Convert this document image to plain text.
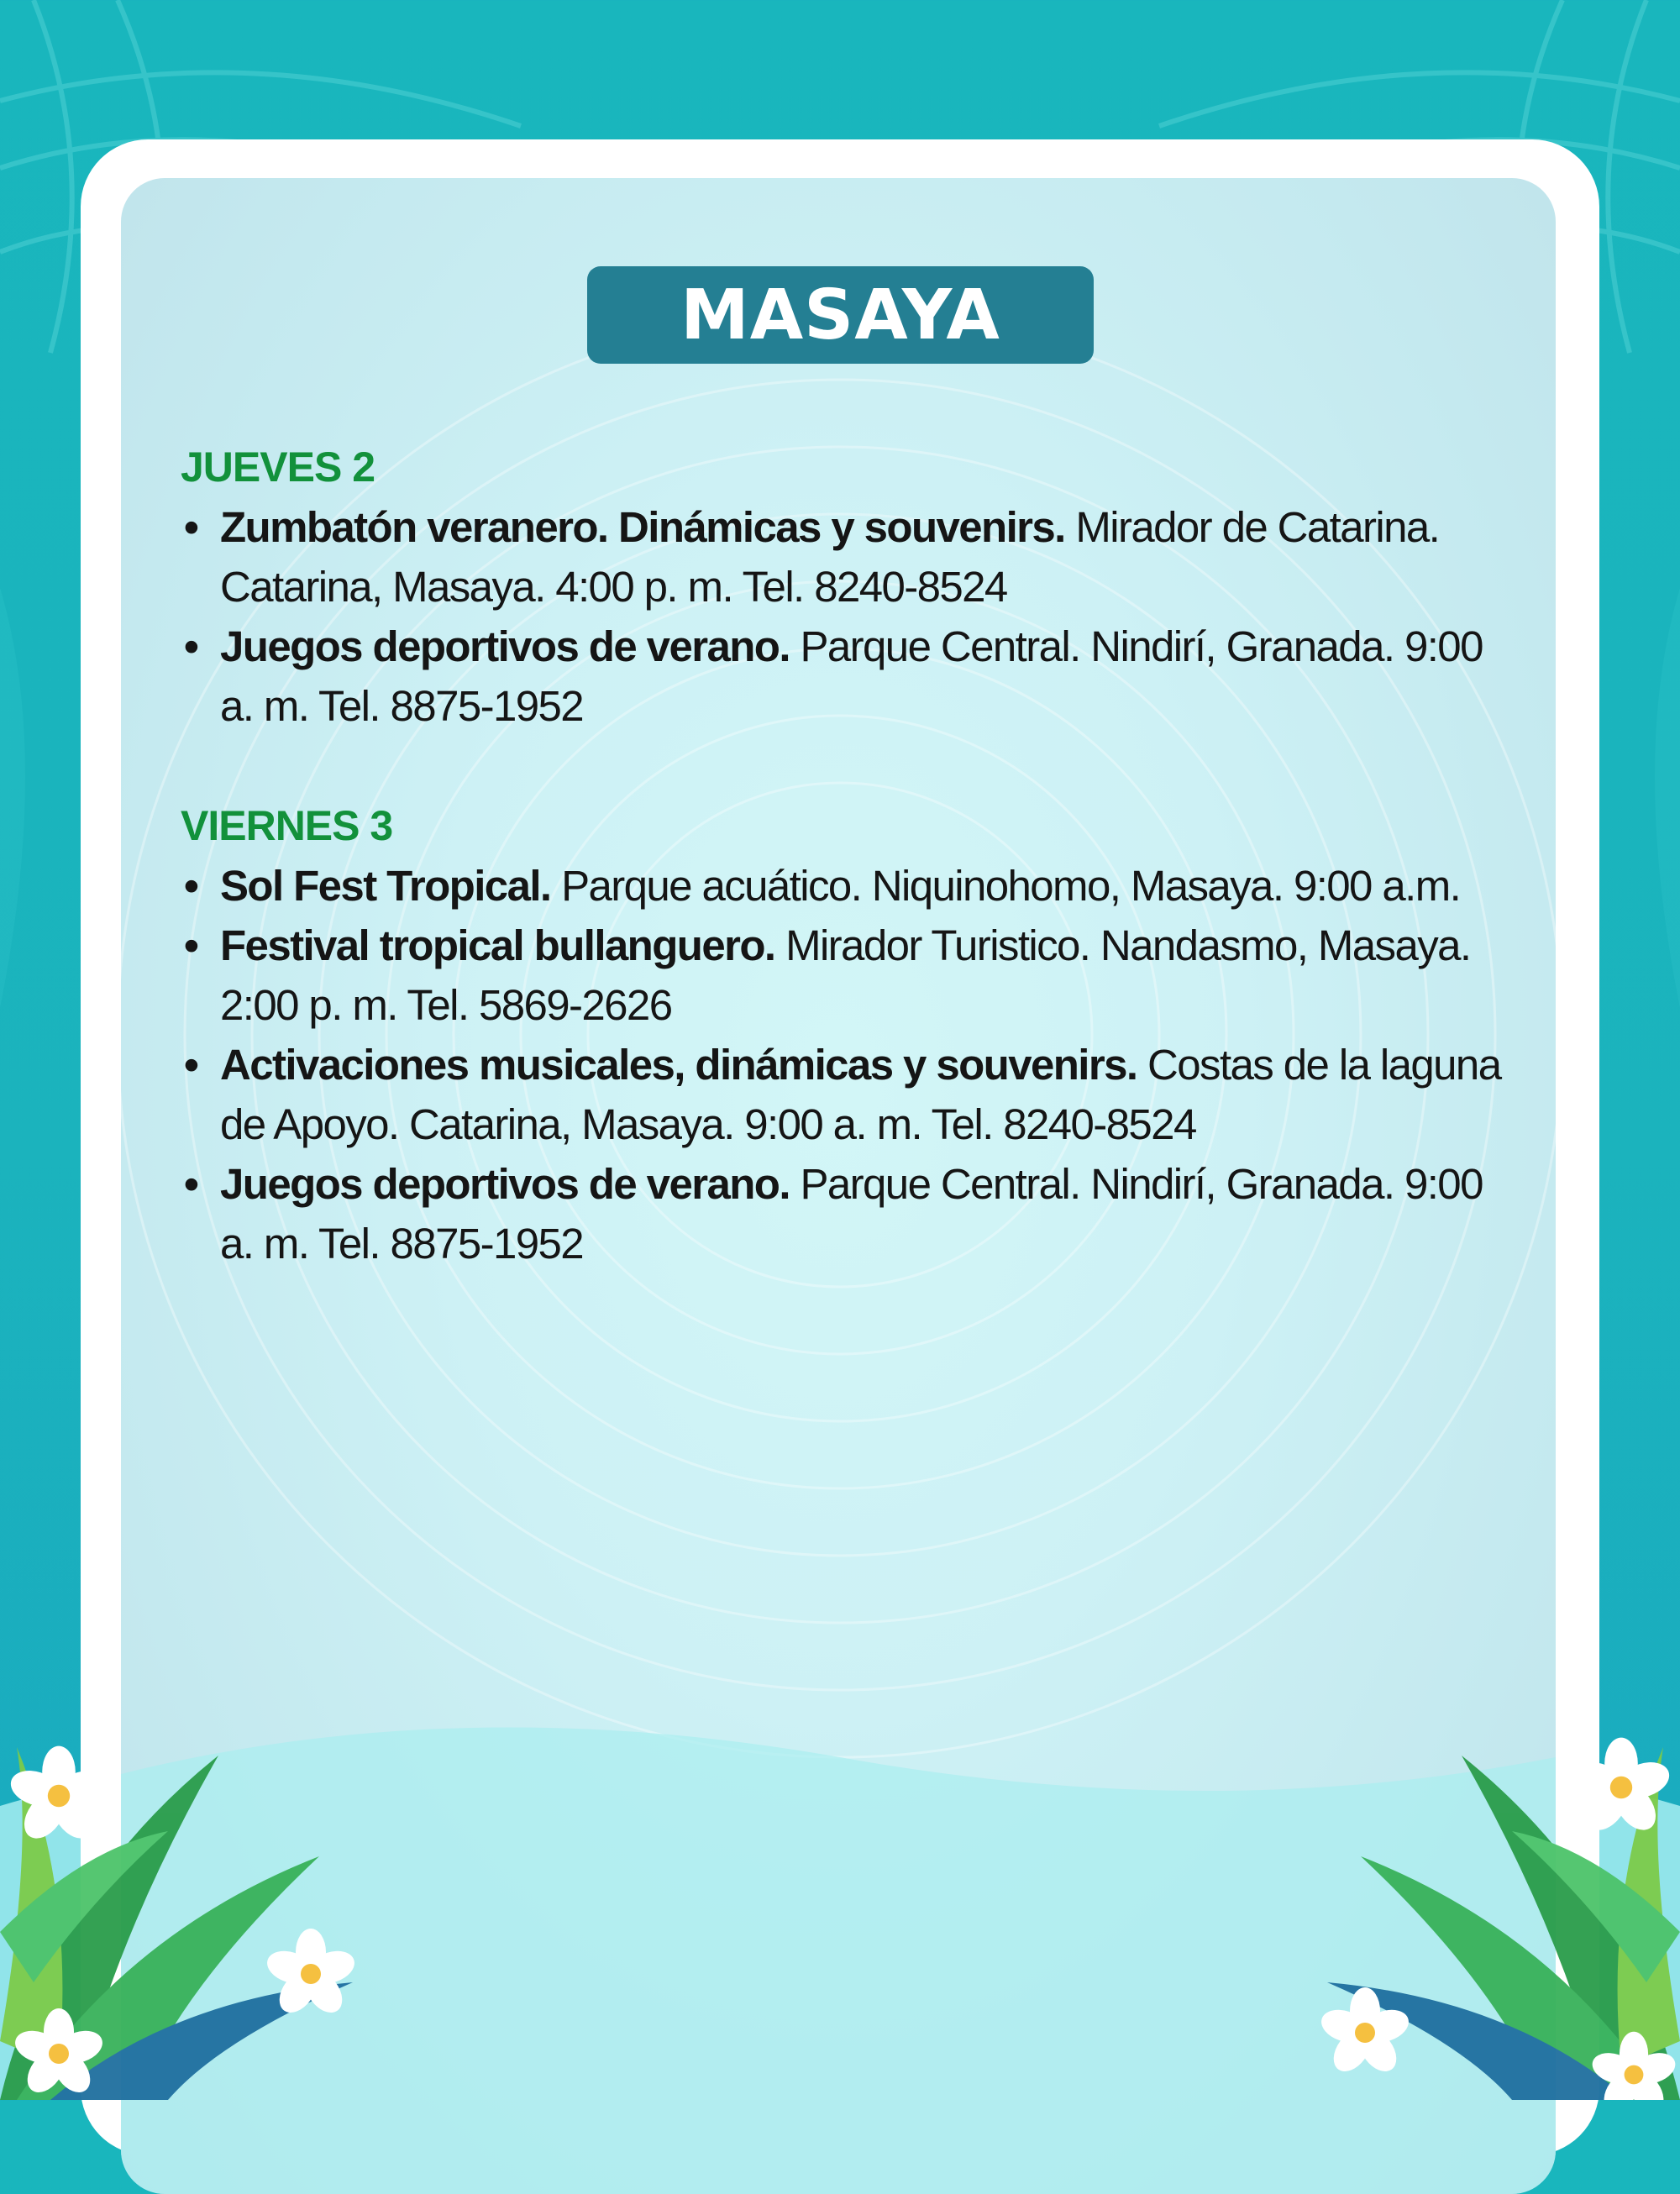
MASAYA
JUEVES 2
• Zumbatón veranero. Dinámicas y souvenirs. Mirador de Catarina. Catarina, Masaya. 4:00 p. m. Tel. 8240-8524
• Juegos deportivos de verano. Parque Central. Nindirí, Granada. 9:00 a. m. Tel. 8875-1952
VIERNES 3
• Sol Fest Tropical. Parque acuático. Niquinohomo, Masaya. 9:00 a.m.
• Festival tropical bullanguero. Mirador Turistico. Nandasmo, Masaya. 2:00 p. m. Tel. 5869-2626
• Activaciones musicales, dinámicas y souvenirs. Costas de la laguna de Apoyo. Catarina, Masaya. 9:00 a. m. Tel. 8240-8524
• Juegos deportivos de verano. Parque Central. Nindirí, Granada. 9:00 a. m. Tel. 8875-1952
